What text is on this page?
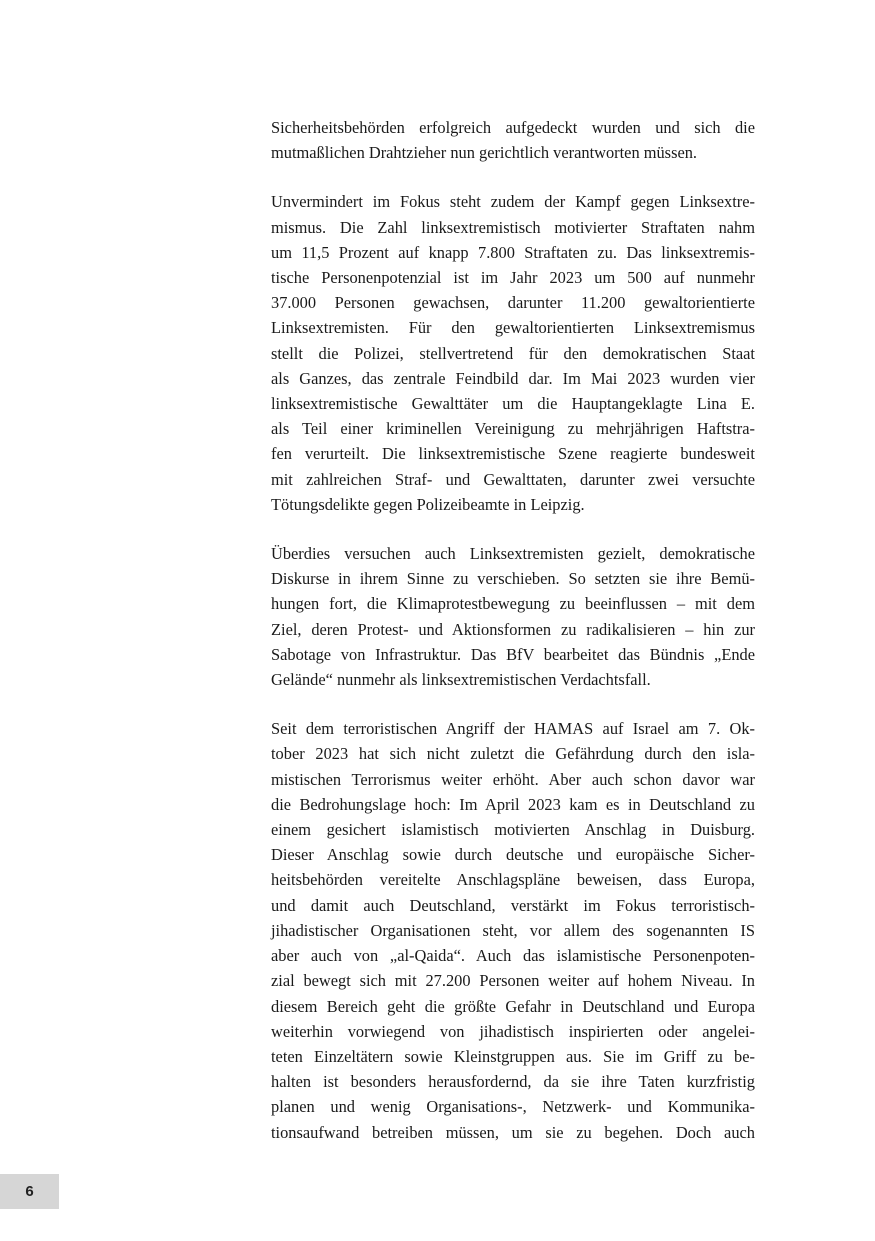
Sicherheitsbehörden erfolgreich aufgedeckt wurden und sich die
mutmaßlichen Drahtzieher nun gerichtlich verantworten müssen.

Unvermindert im Fokus steht zudem der Kampf gegen Linksextre-
mismus. Die Zahl linksextremistisch motivierter Straftaten nahm
um 11,5 Prozent auf knapp 7.800 Straftaten zu. Das linksextremis-
tische Personenpotenzial ist im Jahr 2023 um 500 auf nunmehr
37.000 Personen gewachsen, darunter 11.200 gewaltorientierte
Linksextremisten. Für den gewaltorientierten Linksextremismus
stellt die Polizei, stellvertretend für den demokratischen Staat
als Ganzes, das zentrale Feindbild dar. Im Mai 2023 wurden vier
linksextremistische Gewalttäter um die Hauptangeklagte Lina E.
als Teil einer kriminellen Vereinigung zu mehrjährigen Haftstra-
fen verurteilt. Die linksextremistische Szene reagierte bundesweit
mit zahlreichen Straf- und Gewalttaten, darunter zwei versuchte
Tötungsdelikte gegen Polizeibeamte in Leipzig.

Überdies versuchen auch Linksextremisten gezielt, demokratische
Diskurse in ihrem Sinne zu verschieben. So setzten sie ihre Bemü-
hungen fort, die Klimaprotestbewegung zu beeinflussen – mit dem
Ziel, deren Protest- und Aktionsformen zu radikalisieren – hin zur
Sabotage von Infrastruktur. Das BfV bearbeitet das Bündnis „Ende
Gelände“ nunmehr als linksextremistischen Verdachtsfall.

Seit dem terroristischen Angriff der HAMAS auf Israel am 7. Ok-
tober 2023 hat sich nicht zuletzt die Gefährdung durch den isla-
mistischen Terrorismus weiter erhöht. Aber auch schon davor war
die Bedrohungslage hoch: Im April 2023 kam es in Deutschland zu
einem gesichert islamistisch motivierten Anschlag in Duisburg.
Dieser Anschlag sowie durch deutsche und europäische Sicher-
heitsbehörden vereitelte Anschlagspläne beweisen, dass Europa,
und damit auch Deutschland, verstärkt im Fokus terroristisch-
jihadistischer Organisationen steht, vor allem des sogenannten IS
aber auch von „al-Qaida“. Auch das islamistische Personenpoten-
zial bewegt sich mit 27.200 Personen weiter auf hohem Niveau. In
diesem Bereich geht die größte Gefahr in Deutschland und Europa
weiterhin vorwiegend von jihadistisch inspirierten oder angelei-
teten Einzeltätern sowie Kleinstgruppen aus. Sie im Griff zu be-
halten ist besonders herausfordernd, da sie ihre Taten kurzfristig
planen und wenig Organisations-, Netzwerk- und Kommunika-
tionsaufwand betreiben müssen, um sie zu begehen. Doch auch

6
